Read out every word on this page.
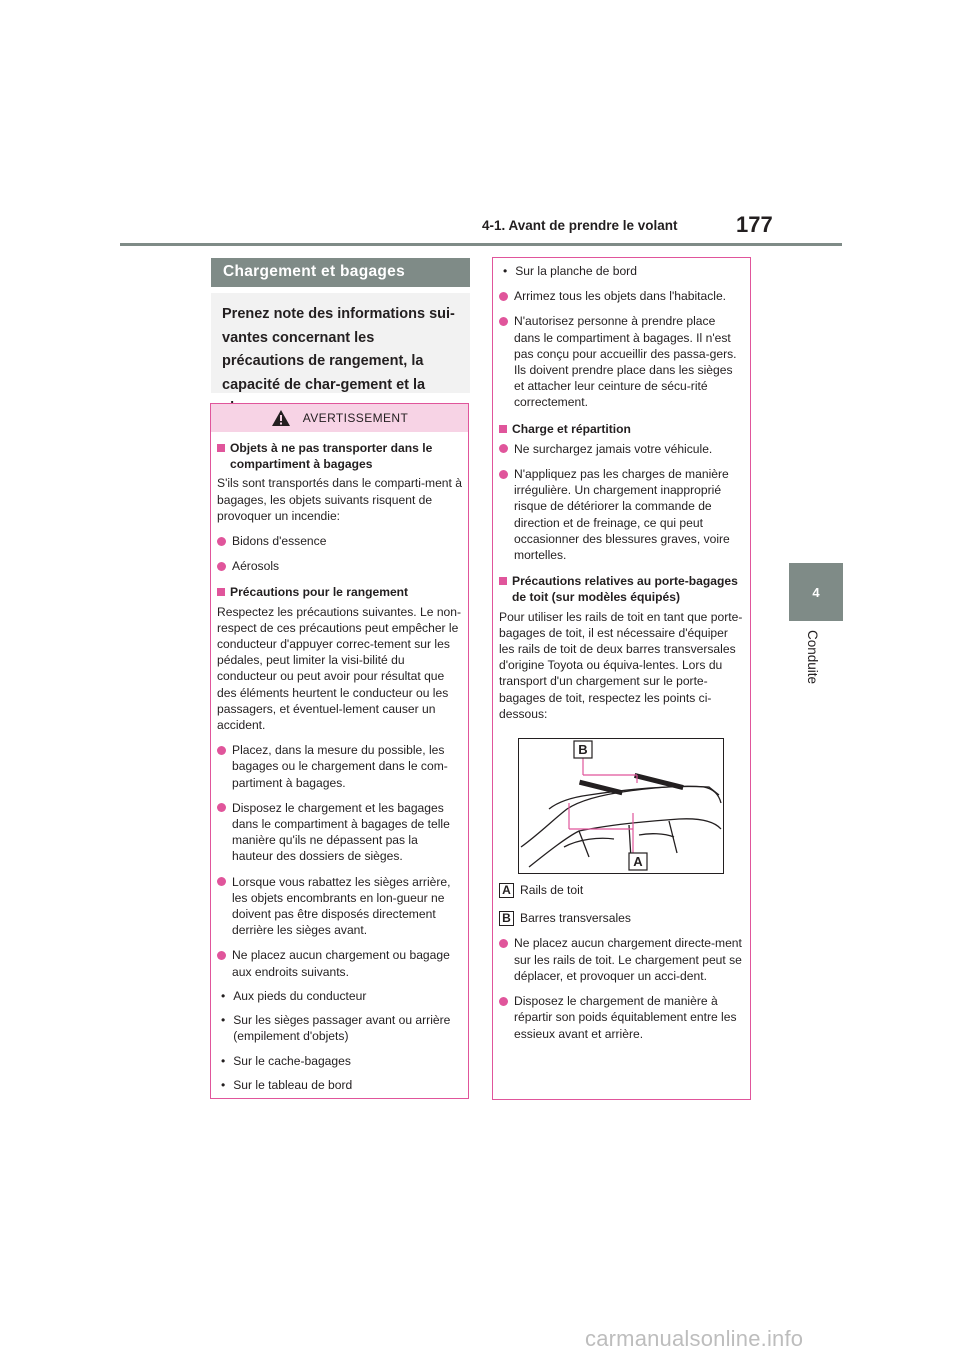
4-1. Avant de prendre le volant	177
4
Conduite
Chargement et bagages
Prenez note des informations sui-vantes concernant les précautions de rangement, la capacité de char-gement et la
AVERTISSEMENT
Objets à ne pas transporter dans le compartiment à bagages

S'ils sont transportés dans le comparti-ment à bagages, les objets suivants risquent de provoquer un incendie:

Bidons d'essence
Aérosols
Précautions pour le rangement

Respectez les précautions suivantes. Le non-respect de ces précautions peut empêcher le conducteur d'appuyer correc-tement sur les pédales, peut limiter la visi-bilité du conducteur ou peut avoir pour résultat que des éléments heurtent le conducteur ou les passagers, et éventuel-lement causer un accident.

Placez, dans la mesure du possible, les bagages ou le chargement dans le com-partiment à bagages.
Disposez le chargement et les bagages dans le compartiment à bagages de telle manière qu'ils ne dépassent pas la hauteur des dossiers de sièges.
Lorsque vous rabattez les sièges arrière, les objets encombrants en lon-gueur ne doivent pas être disposés directement derrière les sièges avant.
Ne placez aucun chargement ou bagage aux endroits suivants.
• Aux pieds du conducteur
• Sur les sièges passager avant ou arrière (empilement d'objets)
• Sur le cache-bagages
• Sur le tableau de bord
• Sur la planche de bord
Arrimez tous les objets dans l'habitacle.
N'autorisez personne à prendre place dans le compartiment à bagages. Il n'est pas conçu pour accueillir des passa-gers. Ils doivent prendre place dans les sièges et attacher leur ceinture de sécu-rité correctement.
Charge et répartition
Ne surchargez jamais votre véhicule.
N'appliquez pas les charges de manière irrégulière. Un chargement inapproprié risque de détériorer la commande de direction et de freinage, ce qui peut occasionner des blessures graves, voire mortelles.
Précautions relatives au porte-bagages de toit (sur modèles équipés)

Pour utiliser les rails de toit en tant que porte-bagages de toit, il est nécessaire d'équiper les rails de toit de deux barres transversales d'origine Toyota ou équiva-lentes. Lors du transport d'un chargement sur le porte-bagages de toit, respectez les points ci-dessous:

B
A
A Rails de toit
B Barres transversales
Ne placez aucun chargement directe-ment sur les rails de toit. Le chargement peut se déplacer, et provoquer un acci-dent.
Disposez le chargement de manière à répartir son poids équitablement entre les essieux avant et arrière.
carmanualsonline.info
